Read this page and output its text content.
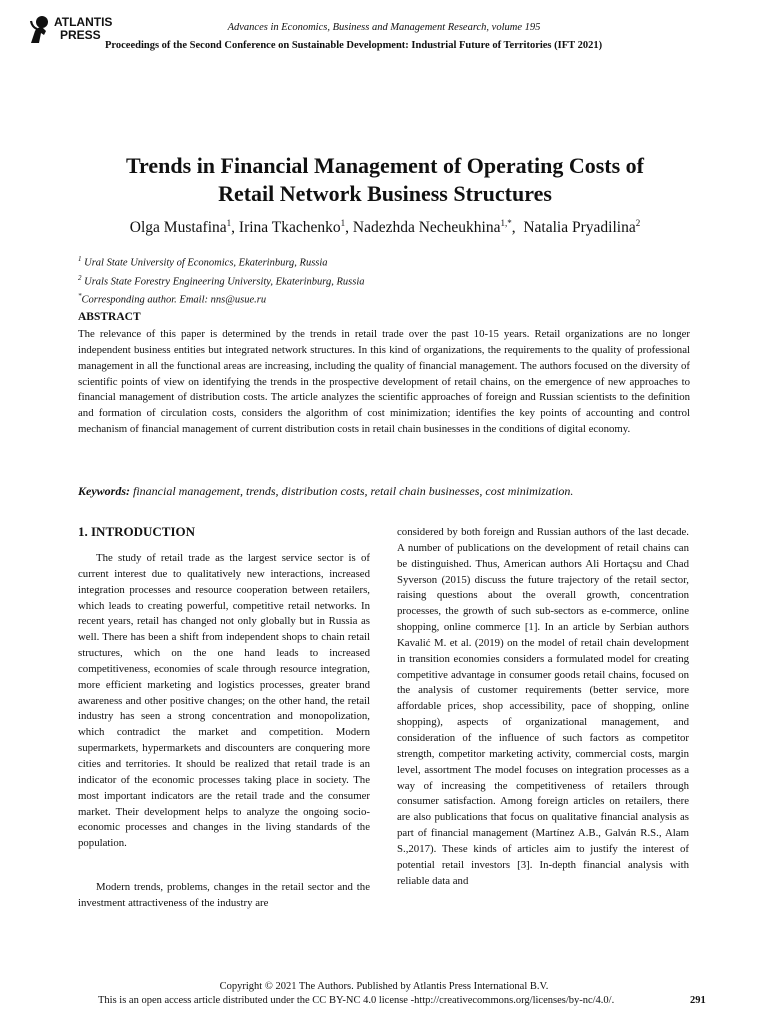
ATLANTIS
PRESS
Advances in Economics, Business and Management Research, volume 195
Proceedings of the Second Conference on Sustainable Development: Industrial Future of Territories (IFT 2021)
Trends in Financial Management of Operating Costs of
Retail Network Business Structures
Olga Mustafina$^1$, Irina Tkachenko$^1$, Nadezhda Necheukhina$^{1,*}$,  Natalia Pryadilina$^2$
$^1$ Ural State University of Economics, Ekaterinburg, Russia
$^2$ Urals State Forestry Engineering University, Ekaterinburg, Russia
*Corresponding author. Email: nns@usue.ru
ABSTRACT
The relevance of this paper is determined by the trends in retail trade over the past 10-15 years. Retail organizations are no longer independent business entities but integrated network structures. In this kind of organizations, the requirements to the quality of professional management in all the functional areas are increasing, including the quality of financial management. The authors focused on the diversity of scientific points of view on identifying the trends in the prospective development of retail chains, on the emergence of new approaches to financial management of distribution costs. The article analyzes the scientific approaches of foreign and Russian scientists to the definition and formation of circulation costs, considers the algorithm of cost minimization; identifies the key points of accounting and control mechanism of financial management of current distribution costs in retail chain businesses in the conditions of digital economy.
Keywords: financial management, trends, distribution costs, retail chain businesses, cost minimization.
1. INTRODUCTION

The study of retail trade as the largest service sector is of current interest due to qualitatively new interactions, increased integration processes and resource cooperation between retailers, which leads to creating powerful, competitive retail networks. In recent years, retail has changed not only globally but in Russia as well. There has been a shift from independent shops to chain retail structures, which on the one hand leads to increased competitiveness, economies of scale through resource integration, more efficient marketing and logistics processes, greater brand awareness and other positive changes; on the other hand, the retail industry has seen a strong concentration and monopolization, which contradict the market and competition. Modern supermarkets, hypermarkets and discounters are conquering more cities and territories. It should be realized that retail trade is an indicator of the economic processes taking place in society. The most important indicators are the retail trade and the consumer market. Their development helps to analyze the ongoing socio-economic processes and changes in the living standards of the population.

Modern trends, problems, changes in the retail sector and the investment attractiveness of the industry are

considered by both foreign and Russian authors of the last decade. A number of publications on the development of retail chains can be distinguished. Thus, American authors Ali Hortaçsu and Chad Syverson (2015) discuss the future trajectory of the retail sector, raising questions about the overall growth, concentration processes, the growth of such sub-sectors as e-commerce, online shopping, online commerce [1]. In an article by Serbian authors Kavalić M. et al. (2019) on the model of retail chain development in transition economies considers a formulated model for creating competitive advantage in consumer goods retail chains, focused on the analysis of customer requirements (better service, more affordable prices, shop accessibility, pace of shopping, online shopping), aspects of organizational management, and consideration of the influence of such factors as competitor strength, competitor marketing activity, commercial costs, margin level, assortment The model focuses on integration processes as a way of increasing the competitiveness of retailers through consumer satisfaction. Among foreign articles on retailers, there are also publications that focus on qualitative financial analysis as part of financial management (Martínez A.B., Galván R.S., Alam S.,2017). These kinds of articles aim to justify the interest of potential retail investors [3]. In-depth financial analysis with reliable data and

Copyright © 2021 The Authors. Published by Atlantis Press International B.V.
This is an open access article distributed under the CC BY-NC 4.0 license -http://creativecommons.org/licenses/by-nc/4.0/.	291
